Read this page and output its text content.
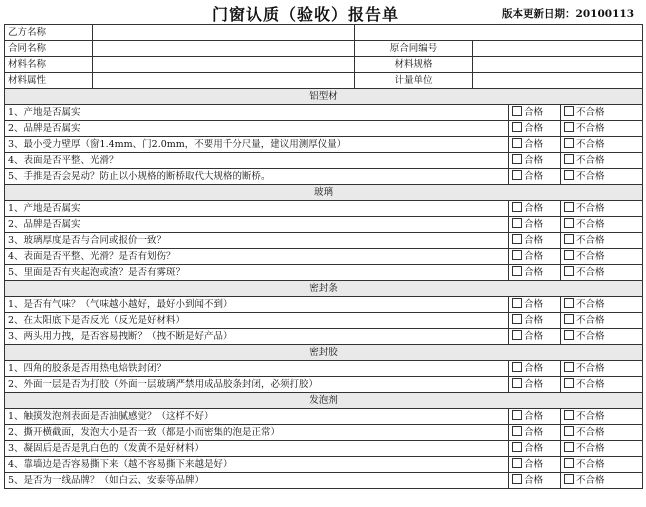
门窗认质（验收）报告单	版本更新日期：20100113
乙方名称					
合同名称		原合同编号			
材料名称		材料规格			
材料属性		计量单位			
铝型材					
1、产地是否属实				合格	不合格
2、品牌是否属实				合格	不合格
3、最小受力壁厚（窗1.4mm、门2.0mm，不要用千分尺量，建议用测厚仪量）				合格	不合格
4、表面是否平整、光滑？				合格	不合格
5、手推是否会晃动？防止以小规格的断桥取代大规格的断桥。				合格	不合格
玻璃					
1、产地是否属实				合格	不合格
2、品牌是否属实				合格	不合格
3、玻璃厚度是否与合同或报价一致？				合格	不合格
4、表面是否平整、光滑？是否有划伤？				合格	不合格
5、里面是否有夹起泡或渣？是否有雾斑？				合格	不合格
密封条					
1、是否有气味？（气味越小越好，最好小到闻不到）				合格	不合格
2、在太阳底下是否反光（反光是好材料）				合格	不合格
3、两头用力拽，是否容易拽断？（拽不断是好产品）				合格	不合格
密封胶					
1、四角的胶条是否用热电焙铁封闭？				合格	不合格
2、外面一层是否为打胶（外面一层玻璃严禁用成品胶条封闭，必须打胶）				合格	不合格
发泡剂					
1、触摸发泡剂表面是否油腻感觉？（这样不好）				合格	不合格
2、撕开横截面，发泡大小是否一致（都是小而密集的泡是正常）				合格	不合格
3、凝固后是否是乳白色的（发黄不是好材料）				合格	不合格
4、靠墙边是否容易撕下来（越不容易撕下来越是好）				合格	不合格
5、是否为一线品牌？（如白云、安泰等品牌）				合格	不合格
